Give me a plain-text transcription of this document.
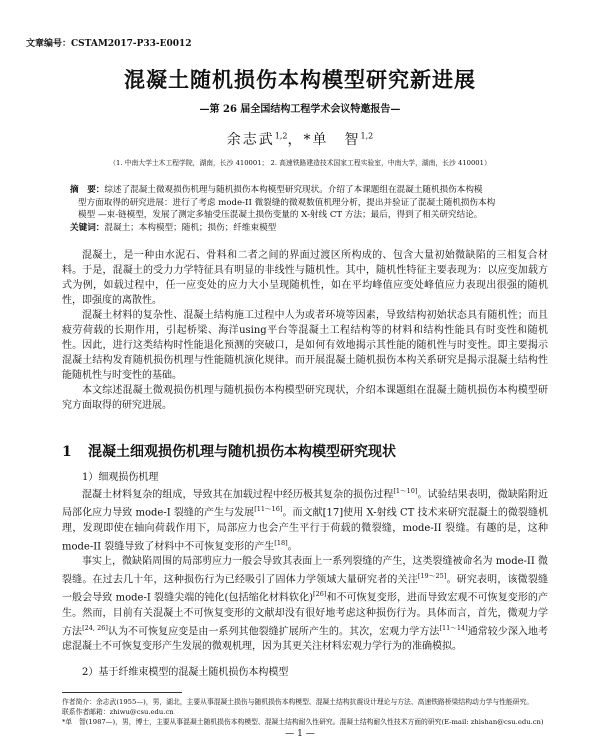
文章编号：CSTAM2017-P33-E0012
混凝土随机损伤本构模型研究新进展
—第 26 届全国结构工程学术会议特邀报告—
余志武$^{1,2}$，*单　智$^{1,2}$
（1. 中南大学土木工程学院，湖南，长沙 410001； 2. 高速铁路建造技术国家工程实验室，中南大学，湖南，长沙 410001）
摘　要：综述了混凝土微观损伤机理与随机损伤本构模型研究现状。介绍了本课题组在混凝土随机损伤本构模
型方面取得的研究进展：进行了考虑 mode-II 微裂缝的微观数值机理分析，提出并验证了混凝土随机损伤本构
模型 —束-链模型，发展了测定多轴受压混凝土损伤变量的 X-射线 CT 方法；最后，得到了相关研究结论。
关键词：混凝土；本构模型；随机；损伤；纤维束模型

混凝土，是一种由水泥石、骨料和二者之间的界面过渡区所构成的、包含大量初始微缺陷的三相复合材料。于是，混凝土的受力力学特征具有明显的非线性与随机性。其中，随机性特征主要表现为：以应变加载方式为例，如载过程中，任一应变处的应力大小呈现随机性，如在平均峰值应变处峰值应力表现出很强的随机性，即强度的离散性。

混凝土材料的复杂性、混凝土结构施工过程中人为或者环境等因素，导致结构初始状态具有随机性；而且疲劳荷载的长期作用，引起桥梁、海洋using平台等混凝土工程结构等的材料和结构性能具有时变性和随机性。因此，进行这类结构时性能退化预测的突破口，是如何有效地揭示其性能的随机性与时变性。即主要揭示混凝土结构发育随机损伤机理与性能随机演化规律。而开展混凝土随机损伤本构关系研究是揭示混凝土结构性能随机性与时变性的基础。

本文综述混凝土微观损伤机理与随机损伤本构模型研究现状，介绍本课题组在混凝土随机损伤本构模型研究方面取得的研究进展。

1 混凝土细观损伤机理与随机损伤本构模型研究现状
1）细观损伤机理

混凝土材料复杂的组成，导致其在加载过程中经历极其复杂的损伤过程[1～10]。试验结果表明，微缺陷附近局部化应力导致 mode-I 裂缝的产生与发展[11～16]。而文献[17]使用 X-射线 CT 技术来研究混凝土的微裂缝机理，发现即使在轴向荷载作用下，局部应力也会产生平行于荷载的微裂缝，mode-II 裂缝。有趣的是，这种 mode-II 裂缝导致了材料中不可恢复变形的产生[18]。

事实上，微缺陷周围的局部剪应力一般会导致其表面上一系列裂缝的产生，这类裂缝被命名为 mode-II 微裂缝。在过去几十年，这种损伤行为已经吸引了固体力学领域大量研究者的关注[19～25]。研究表明，该微裂缝一般会导致 mode-I 裂缝尖端的钝化(包括缩化材料软化)[26]和不可恢复变形，进而导致宏观不可恢复变形的产生。然而，目前有关混凝土不可恢复变形的文献却没有很好地考虑这种损伤行为。具体而言，首先，微观力学方法[24, 26]认为不可恢复应变是由一系列其他裂缝扩展所产生的。其次，宏观力学方法[11～14]通常较少深入地考虑混凝土不可恢复变形产生发展的微观机理，因为其更关注材料宏观力学行为的准确模拟。

2）基于纤维束模型的混凝土随机损伤本构模型
作者简介：余志武(1955—)，男，湖北，主要从事混凝土损伤与随机损伤本构模型、混凝土结构抗震设计理论与方法、高速铁路桥梁结构动力学与性能研究。
联系作者邮箱：zhiwu@csu.edu.cn
*单　智(1987—)，男，博士，主要从事混凝土随机损伤本构模型、混凝土结构耐久性研究。混凝土结构耐久性技术方面的研究(E-mail: zhishan@csu.edu.cn)
— 1 —
